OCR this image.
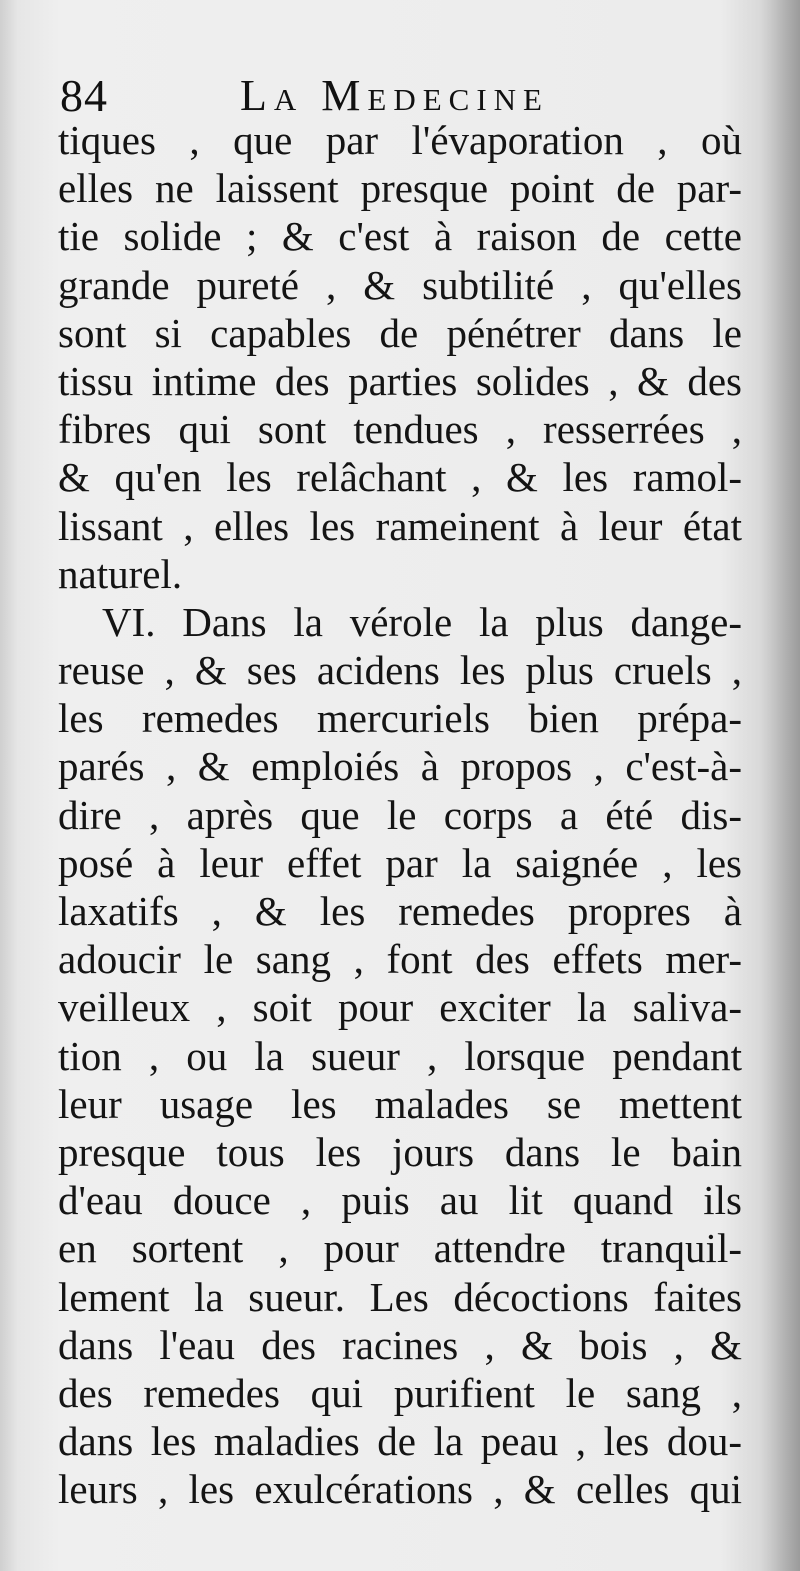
84	La Medecine
tiques , que par l'évaporation , où
elles ne laissent presque point de par-
tie solide ; & c'est à raison de cette
grande pureté , & subtilité , qu'elles
sont si capables de pénétrer dans le
tissu intime des parties solides , & des
fibres qui sont tendues , resserrées ,
& qu'en les relâchant , & les ramol-
lissant , elles les rameinent à leur état
naturel.
VI. Dans la vérole la plus dange-
reuse , & ses acidens les plus cruels ,
les remedes mercuriels bien prépa-
parés , & emploiés à propos , c'est-à-
dire , après que le corps a été dis-
posé à leur effet par la saignée , les
laxatifs , & les remedes propres à
adoucir le sang , font des effets mer-
veilleux , soit pour exciter la saliva-
tion , ou la sueur , lorsque pendant
leur usage les malades se mettent
presque tous les jours dans le bain
d'eau douce , puis au lit quand ils
en sortent , pour attendre tranquil-
lement la sueur. Les décoctions faites
dans l'eau des racines , & bois , &
des remedes qui purifient le sang ,
dans les maladies de la peau , les dou-
leurs , les exulcérations , & celles qui
